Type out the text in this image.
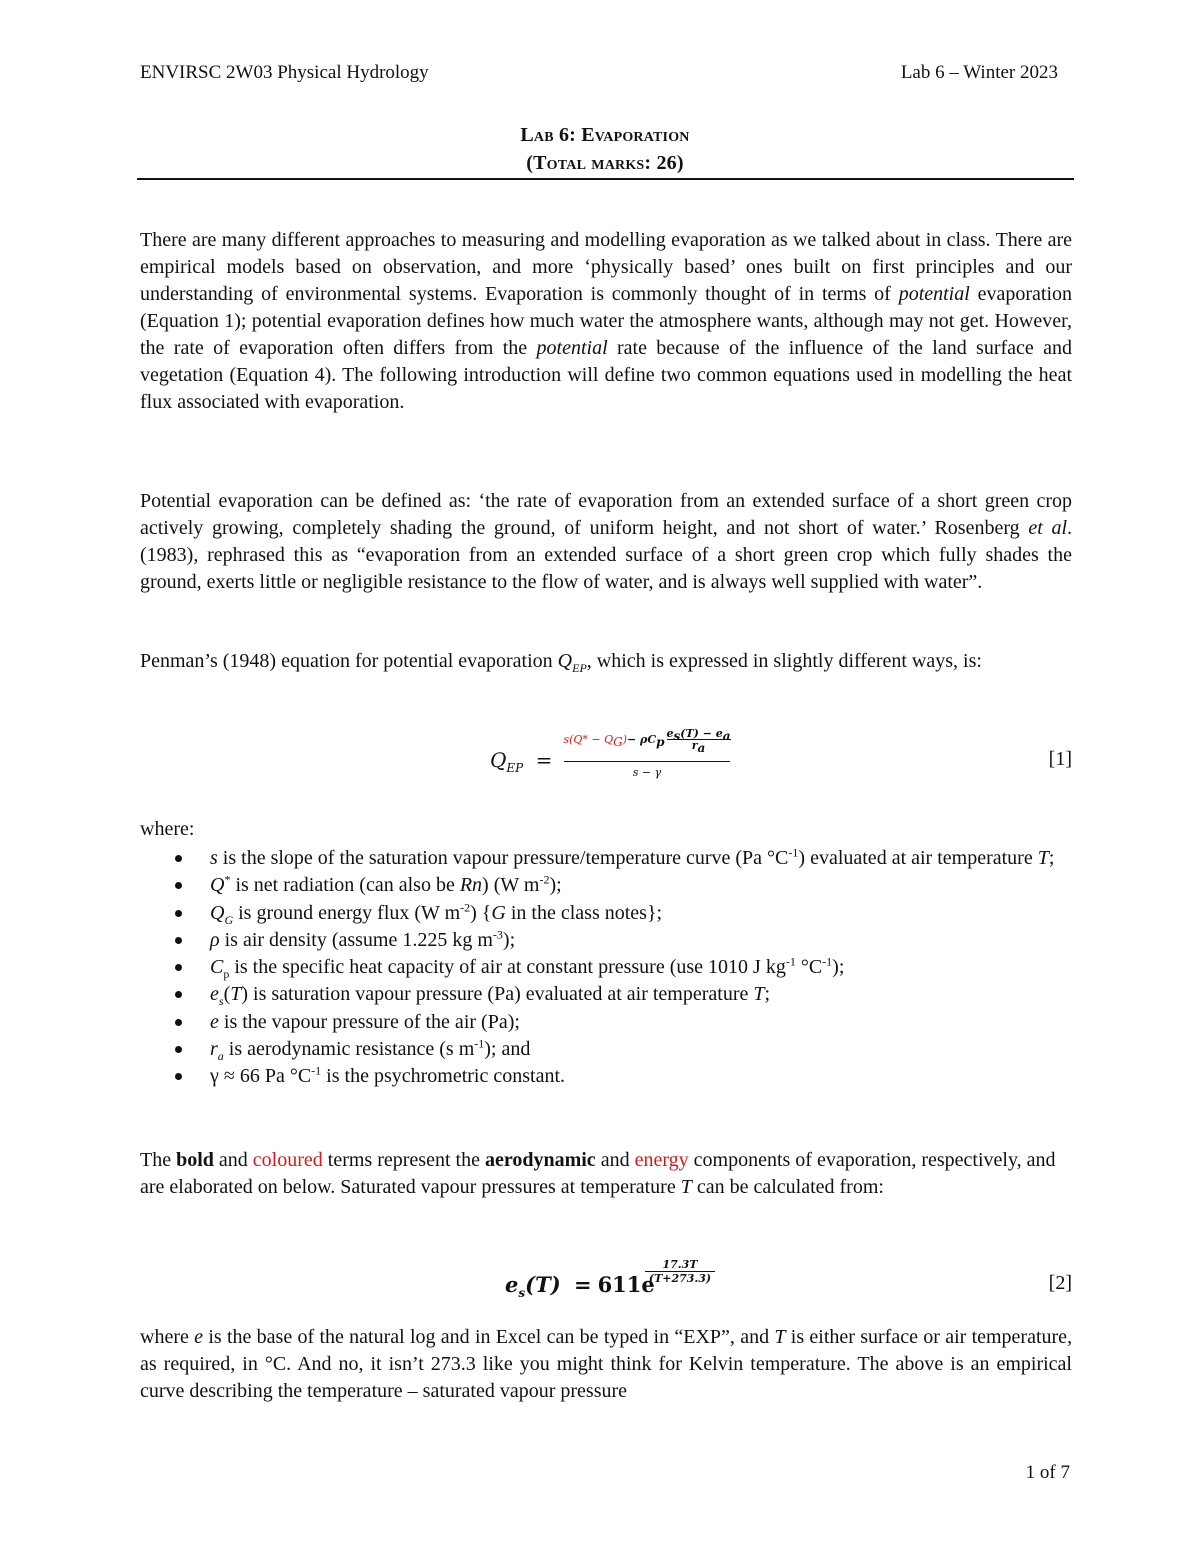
ENVIRSC 2W03 Physical Hydrology	Lab 6 – Winter 2023
Lab 6: Evaporation
(Total marks: 26)

There are many different approaches to measuring and modelling evaporation as we talked about in class. There are empirical models based on observation, and more ‘physically based’ ones built on first principles and our understanding of environmental systems. Evaporation is commonly thought of in terms of potential evaporation (Equation 1); potential evaporation defines how much water the atmosphere wants, although may not get. However, the rate of evaporation often differs from the potential rate because of the influence of the land surface and vegetation (Equation 4). The following introduction will define two common equations used in modelling the heat flux associated with evaporation.

Potential evaporation can be defined as: ‘the rate of evaporation from an extended surface of a short green crop actively growing, completely shading the ground, of uniform height, and not short of water.’ Rosenberg et al. (1983), rephrased this as “evaporation from an extended surface of a short green crop which fully shades the ground, exerts little or negligible resistance to the flow of water, and is always well supplied with water”.

Penman’s (1948) equation for potential evaporation $Q_{EP}$, which is expressed in slightly different ways, is:

$Q_{EP}$ =
$s(Q* - Q_G)- \rho C_p$
$e_s(T) - e_a$
$r_a$
s − γ
[1]
where:
s is the slope of the saturation vapour pressure/temperature curve (Pa $^\circ C^{-1}$) evaluated at air temperature T;
Q* is net radiation (can also be Rn) (W $m^{-2}$);
$Q_G$ is ground energy flux (W $m^{-2}$) {G in the class notes};
ρ is air density (assume 1.225 kg $m^{-3}$);
$C_p$ is the specific heat capacity of air at constant pressure (use 1010 J $kg^{-1}$ $^\circ C^{-1}$);
$e_s(T)$ is saturation vapour pressure (Pa) evaluated at air temperature T;
e is the vapour pressure of the air (Pa);
$r_a$ is aerodynamic resistance (s $m^{-1}$); and
γ ≈ 66 Pa $^\circ C^{-1}$ is the psychrometric constant.

The bold and coloured terms represent the aerodynamic and energy components of evaporation, respectively, and are elaborated on below. Saturated vapour pressures at temperature T can be calculated from:

$e_s(T) = 611e$
17.3T
(T+273.3)	[2]

where e is the base of the natural log and in Excel can be typed in “EXP”, and T is either surface or air temperature, as required, in °C. And no, it isn’t 273.3 like you might think for Kelvin temperature. The above is an empirical curve describing the temperature – saturated vapour pressure

1 of 7
